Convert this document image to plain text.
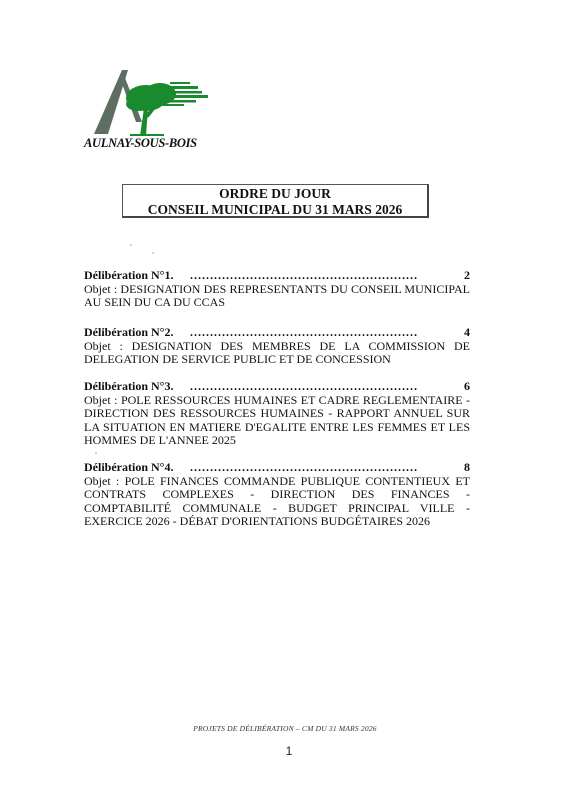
AULNAY-SOUS-BOIS
ORDRE DU JOUR
CONSEIL MUNICIPAL DU 31 MARS 2026
Délibération N°1. …………………………………………………	2
Objet : DESIGNATION DES REPRESENTANTS DU CONSEIL MUNICIPAL AU SEIN DU CA DU CCAS
Délibération N°2. …………………………………………………	4
Objet : DESIGNATION DES MEMBRES DE LA COMMISSION DE DELEGATION DE SERVICE PUBLIC ET DE CONCESSION
Délibération N°3. …………………………………………………	6
Objet : POLE RESSOURCES HUMAINES ET CADRE REGLEMENTAIRE - DIRECTION DES RESSOURCES HUMAINES - RAPPORT ANNUEL SUR LA SITUATION EN MATIERE D'EGALITE ENTRE LES FEMMES ET LES HOMMES DE L'ANNEE 2025
Délibération N°4. …………………………………………………	8
Objet : POLE FINANCES COMMANDE PUBLIQUE CONTENTIEUX ET CONTRATS COMPLEXES - DIRECTION DES FINANCES - COMPTABILITÉ COMMUNALE - BUDGET PRINCIPAL VILLE - EXERCICE 2026 - DÉBAT D'ORIENTATIONS BUDGÉTAIRES 2026
PROJETS DE DÉLIBÉRATION – CM DU 31 MARS 2026
1
